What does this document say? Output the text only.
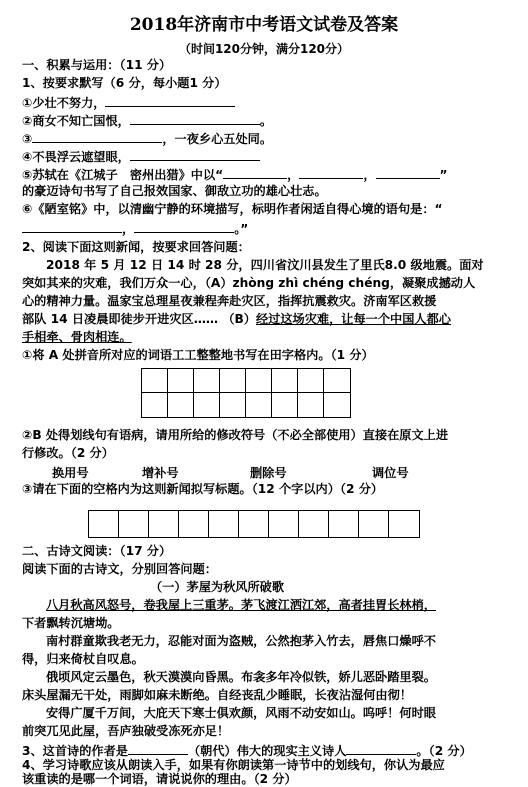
2018年济南市中考语文试卷及答案
（时间120分钟，满分120分）
一、积累与运用：（11 分）
1、按要求默写（6 分，每小题1 分）
①少壮不努力，
②商女不知亡国恨，	。
③	，一夜乡心五处同。
④不畏浮云遮望眼，
⑤苏轼在《江城子　密州出猎》中以“	，	，	”
的豪迈诗句书写了自己报效国家、御敌立功的雄心壮志。
⑥《陋室铭》中，以清幽宁静的环境描写，标明作者闲适自得心境的语句是：“
，	。”
2、阅读下面这则新闻，按要求回答问题：
2018 年 5 月 12 日 14 时 28 分，四川省汶川县发生了里氏8.0 级地震。面对
突如其来的灾难，我们万众一心，（A）zhòng zhì chéng chéng，凝聚成撼动人
心的精神力量。温家宝总理星夜兼程奔赴灾区，指挥抗震救灾。济南军区救援
部队 14 日凌晨即徒步开进灾区…… （B）经过这场灾难，让每一个中国人都心
手相牵、骨肉相连。
①将 A 处拼音所对应的词语工工整整地书写在田字格内。（1 分）
②B 处得划线句有语病，请用所给的修改符号（不必全部使用）直接在原文上进
行修改。（2 分）
换用号	增补号	删除号	调位号
③请在下面的空格内为这则新闻拟写标题。（12 个字以内）（2 分）
二、古诗文阅读：（17 分）
阅读下面的古诗文，分别回答问题：
（一）茅屋为秋风所破歌
八月秋高风怒号，卷我屋上三重茅。茅飞渡江洒江郊，高者挂胃长林梢，
下者飘转沉塘坳。
南村群童欺我老无力，忍能对面为盗贼，公然抱茅入竹去，唇焦口燥呼不
得，归来倚杖自叹息。
俄顷风定云墨色，秋天漠漠向昏黑。布衾多年冷似铁，娇儿恶卧踏里裂。
床头屋漏无干处，雨脚如麻未断绝。自经丧乱少睡眠，长夜沾湿何由彻！
安得广厦千万间，大庇天下寒士俱欢颜，风雨不动安如山。呜呼！何时眼
前突兀见此屋，吾庐独破受冻死亦足！
3、这首诗的作者是	（朝代）伟大的现实主义诗人	。（2 分）
4、学习诗歌应该从朗读入手，如果有你朗读第一诗节中的划线句，你认为最应
该重读的是哪一个词语，请说说你的理由。（2 分）
